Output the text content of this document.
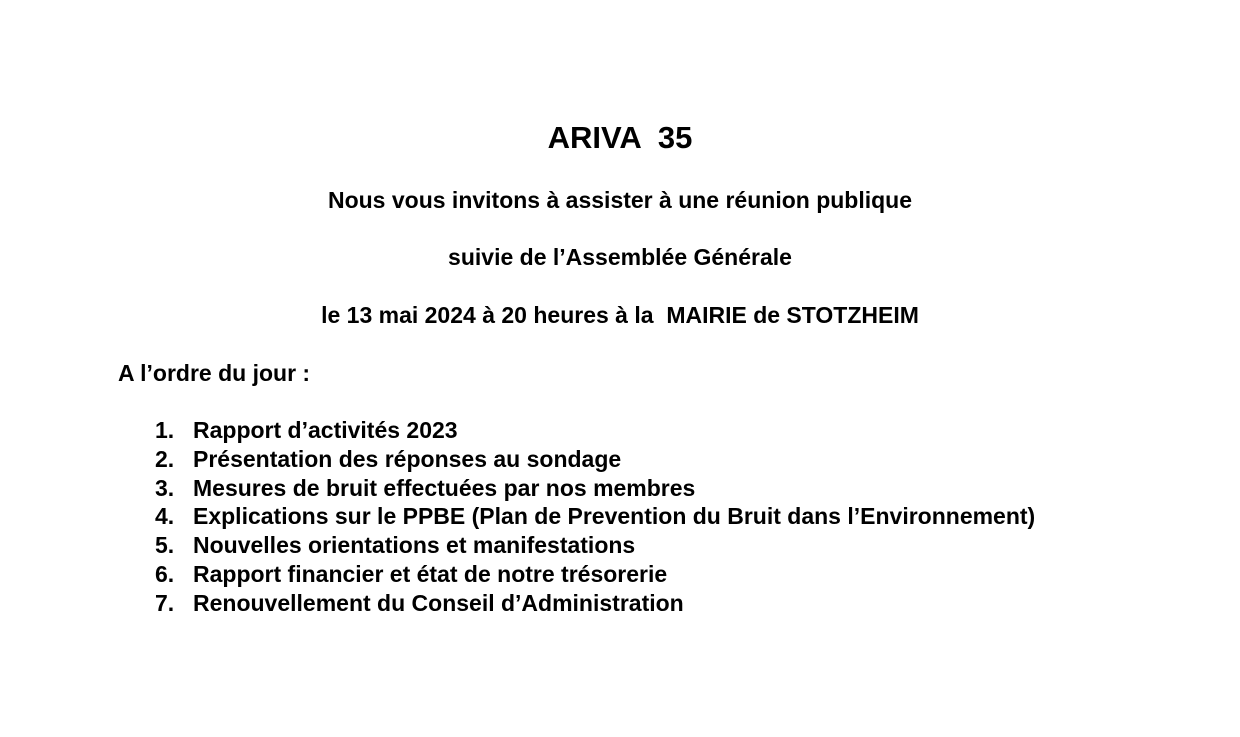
ARIVA  35
Nous vous invitons à assister à une réunion publique
suivie de l’Assemblée Générale
le 13 mai 2024 à 20 heures à la  MAIRIE de STOTZHEIM
A l’ordre du jour :
1. Rapport d’activités 2023
2. Présentation des réponses au sondage
3. Mesures de bruit effectuées par nos membres
4. Explications sur le PPBE (Plan de Prevention du Bruit dans l’Environnement)
5. Nouvelles orientations et manifestations
6. Rapport financier et état de notre trésorerie
7. Renouvellement du Conseil d’Administration
